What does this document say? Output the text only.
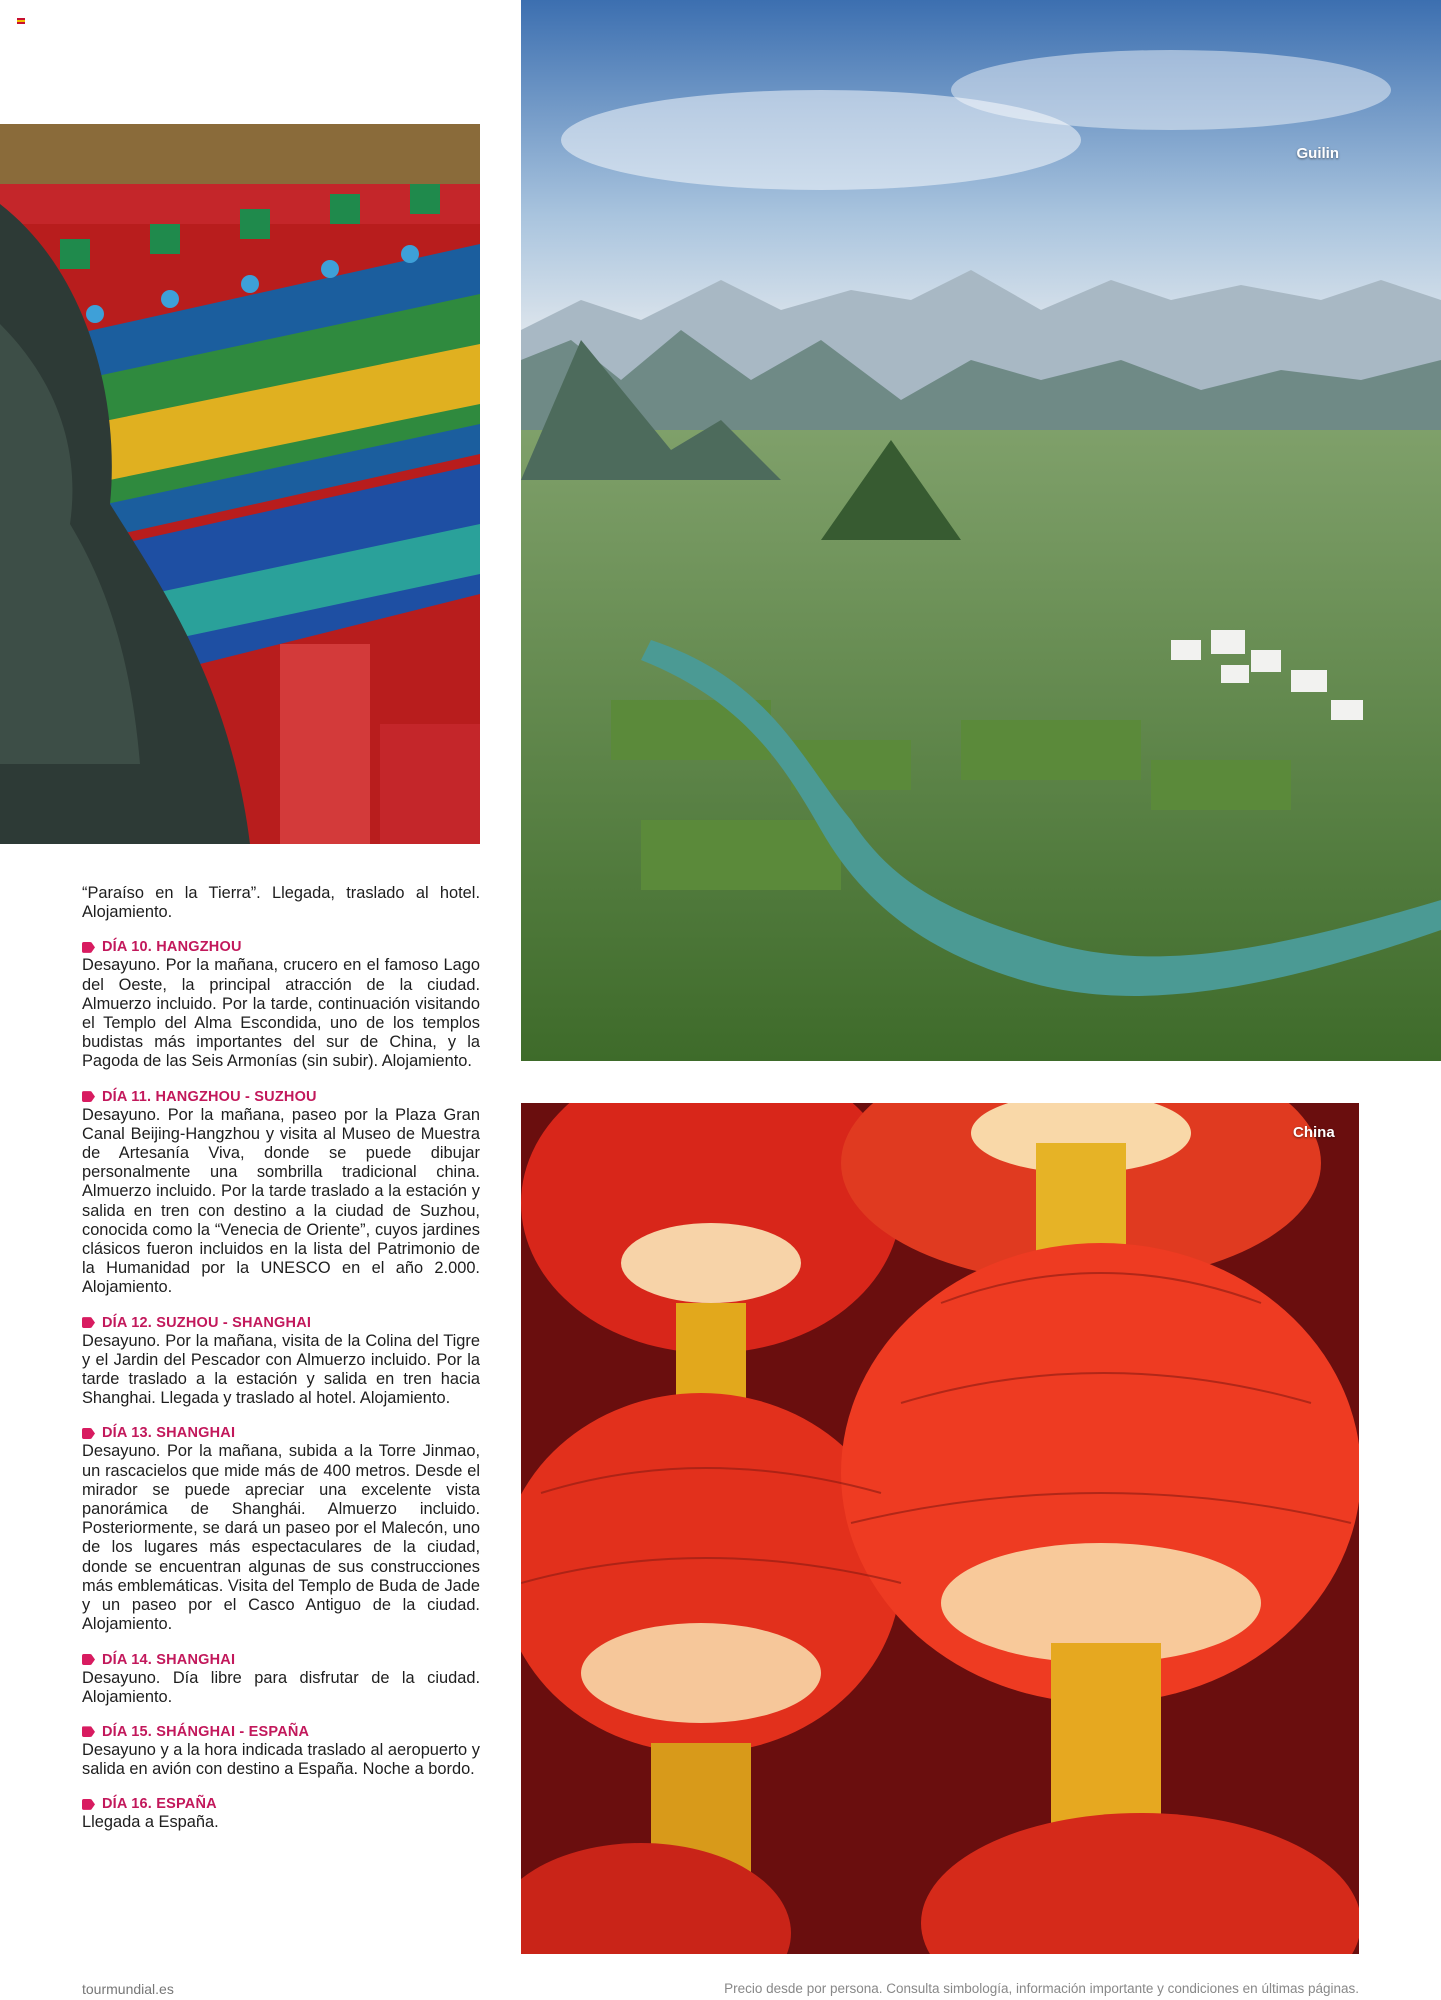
Guilin
China

“Paraíso en la Tierra”. Llegada, traslado al hotel. Alojamiento.

DÍA 10. HANGZHOU

Desayuno. Por la mañana, crucero en el famoso Lago del Oeste, la principal atracción de la ciudad. Almuerzo incluido. Por la tarde, continuación visitando el Templo del Alma Escondida, uno de los templos budistas más importantes del sur de China, y la Pagoda de las Seis Armonías (sin subir). Alojamiento.

DÍA 11. HANGZHOU - SUZHOU

Desayuno. Por la mañana, paseo por la Plaza Gran Canal Beijing-Hangzhou y visita al Museo de Muestra de Artesanía Viva, donde se puede dibujar personalmente una sombrilla tradicional china. Almuerzo incluido. Por la tarde traslado a la estación y salida en tren con destino a la ciudad de Suzhou, conocida como la “Venecia de Oriente”, cuyos jardines clásicos fueron incluidos en la lista del Patrimonio de la Humanidad por la UNESCO en el año 2.000. Alojamiento.

DÍA 12. SUZHOU - SHANGHAI

Desayuno. Por la mañana, visita de la Colina del Tigre y el Jardin del Pescador con Almuerzo incluido. Por la tarde traslado a la estación y salida en tren hacia Shanghai. Llegada y traslado al hotel. Alojamiento.

DÍA 13. SHANGHAI

Desayuno. Por la mañana, subida a la Torre Jinmao, un rascacielos que mide más de 400 metros. Desde el mirador se puede apreciar una excelente vista panorámica de Shanghái. Almuerzo incluido. Posteriormente, se dará un paseo por el Malecón, uno de los lugares más espectaculares de la ciudad, donde se encuentran algunas de sus construcciones más emblemáticas. Visita del Templo de Buda de Jade y un paseo por el Casco Antiguo de la ciudad. Alojamiento.

DÍA 14. SHANGHAI

Desayuno. Día libre para disfrutar de la ciudad. Alojamiento.

DÍA 15. SHÁNGHAI - ESPAÑA

Desayuno y a la hora indicada traslado al aeropuerto y salida en avión con destino a España. Noche a bordo.

DÍA 16. ESPAÑA

Llegada a España.

tourmundial.es	Precio desde por persona. Consulta simbología, información importante y condiciones en últimas páginas.
